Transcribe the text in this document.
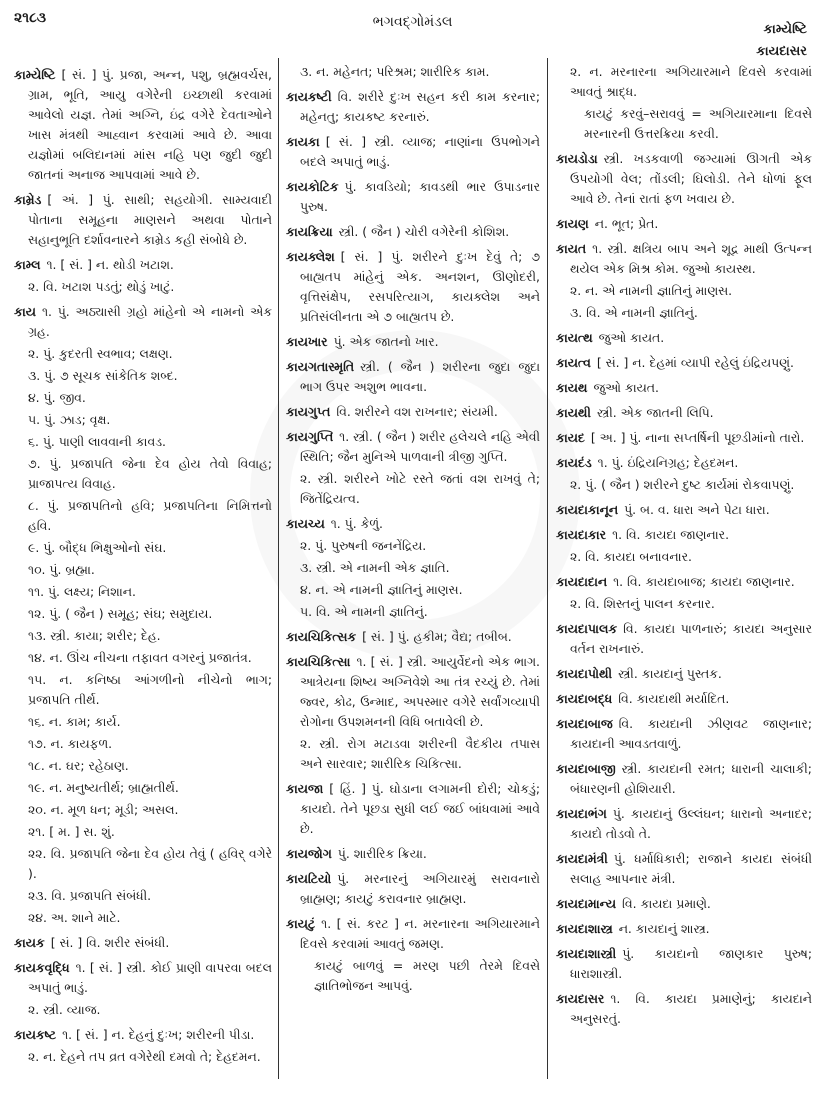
૨૧૮૩	ભગવદ્ગોમંડલ	કામ્યેષ્ટિ
કાયદાસર
કામ્યેષ્ટિ [ સં. ] પું. પ્રજા, અન્ન, પશુ, બ્રહ્મવર્ચસ, ગ્રામ, ભૂતિ, આયુ વગેરેની ઇચ્છાથી કરવામાં આવેલો યજ્ઞ. તેમાં અગ્નિ, ઇંદ્ર વગેરે દેવતાઓને ખાસ મંત્રથી આહ્વાન કરવામાં આવે છે. આવા યજ્ઞોમાં બલિદાનમાં માંસ નહિ પણ જુદી જુદી જાતનાં અનાજ આપવામાં આવે છે.
કામ્રેડ [ અં. ] પું. સાથી; સહયોગી. સામ્યવાદી પોતાના સમૂહના માણસને અથવા પોતાને સહાનુભૂતિ દર્શાવનારને કામ્રેડ કહી સંબોધે છે.
કામ્લ ૧. [ સં. ] ન. થોડી ખટાશ.
૨. વિ. ખટાશ પડતું; થોડું ખાટું.
કાય ૧. પું. અઠ્યાસી ગ્રહો માંહેનો એ નામનો એક ગ્રહ.
૨. પું. કુદરતી સ્વભાવ; લક્ષણ.
૩. પું. ૭ સૂચક સાંકેતિક શબ્દ.
૪. પું. જીવ.
૫. પું. ઝાડ; વૃક્ષ.
૬. પું. પાણી લાવવાની કાવડ.
૭. પું. પ્રજાપતિ જેના દેવ હોય તેવો વિવાહ; પ્રાજાપત્ય વિવાહ.
૮. પું. પ્રજાપતિનો હવિ; પ્રજાપતિના નિમિત્તનો હવિ.
૯. પું. બૌદ્ધ ભિક્ષુઓનો સંઘ.
૧૦. પું. બ્રહ્મા.
૧૧. પું. લક્ષ્ય; નિશાન.
૧૨. પું. ( જૈન ) સમૂહ; સંઘ; સમુદાય.
૧૩. સ્ત્રી. કાયા; શરીર; દેહ.
૧૪. ન. ઊંચ નીચના તફાવત વગરનું પ્રજાતંત્ર.
૧૫. ન. કનિષ્ઠા આંગળીનો નીચેનો ભાગ; પ્રજાપતિ તીર્થ.
૧૬. ન. કામ; કાર્ય.
૧૭. ન. કાયફળ.
૧૮. ન. ઘર; રહેઠાણ.
૧૯. ન. મનુષ્યતીર્થ; બ્રાહ્મતીર્થ.
૨૦. ન. મૂળ ધન; મૂડી; અસલ.
૨૧. [ મ. ] સ. શું.
૨૨. વિ. પ્રજાપતિ જેના દેવ હોય તેવું ( હવિર્ વગેરે ).
૨૩. વિ. પ્રજાપતિ સંબંધી.
૨૪. અ. શાને માટે.
કાયક [ સં. ] વિ. શરીર સંબંધી.
કાયકવૃદ્ધિ ૧. [ સં. ] સ્ત્રી. કોઈ પ્રાણી વાપરવા બદલ અપાતું ભાડું.
૨. સ્ત્રી. વ્યાજ.
કાયકષ્ટ ૧. [ સં. ] ન. દેહનું દુઃખ; શરીરની પીડા.
૨. ન. દેહને તપ વ્રત વગેરેથી દમવો તે; દેહદમન.
૩. ન. મહેનત; પરિશ્રમ; શારીરિક કામ.
કાયકષ્ટી વિ. શરીરે દુઃખ સહન કરી કામ કરનાર; મહેનતુ; કાયકષ્ટ કરનારું.
કાયકા [ સં. ] સ્ત્રી. વ્યાજ; નાણાંના ઉપભોગને બદલે અપાતું ભાડું.
કાયકોટિક પું. કાવડિયો; કાવડથી ભાર ઉપાડનાર પુરુષ.
કાયક્રિયા સ્ત્રી. ( જૈન ) ચોરી વગેરેની કોશિશ.
કાયક્લેશ [ સં. ] પું. શરીરને દુઃખ દેવું તે; ૭ બાહ્યતપ માંહેનું એક. અનશન, ઊણોદરી, વૃત્તિસંક્ષેપ, રસપરિત્યાગ, કાયક્લેશ અને પ્રતિસંલીનતા એ ૭ બાહ્યતપ છે.
કાયખાર પું. એક જાતનો ખાર.
કાયગતાસ્મૃતિ સ્ત્રી. ( જૈન ) શરીરના જુદા જુદા ભાગ ઉપર અશુભ ભાવના.
કાયગુપ્ત વિ. શરીરને વશ રાખનાર; સંયમી.
કાયગુપ્તિ ૧. સ્ત્રી. ( જૈન ) શરીર હલેચલે નહિ એવી સ્થિતિ; જૈન મુનિએ પાળવાની ત્રીજી ગુપ્તિ.
૨. સ્ત્રી. શરીરને ખોટે રસ્તે જતાં વશ રાખવું તે; જિતેંદ્રિયત્વ.
કાયચ્ય ૧. પું. કેળું.
૨. પું. પુરુષની જનનેંદ્રિય.
૩. સ્ત્રી. એ નામની એક જ્ઞાતિ.
૪. ન. એ નામની જ્ઞાતિનું માણસ.
૫. વિ. એ નામની જ્ઞાતિનું.
કાયચિકિત્સક [ સં. ] પું. હકીમ; વૈદ્ય; તબીબ.
કાયચિકિત્સા ૧. [ સં. ] સ્ત્રી. આયુર્વેદનો એક ભાગ. આત્રેયના શિષ્ય અગ્નિવેશે આ તંત્ર રચ્યું છે. તેમાં જ્વર, કોઢ, ઉન્માદ, અપસ્માર વગેરે સર્વાંગવ્યાપી રોગોના ઉપશમનની વિધિ બતાવેલી છે.
૨. સ્ત્રી. રોગ મટાડવા શરીરની વૈદકીય તપાસ અને સારવાર; શારીરિક ચિકિત્સા.
કાયજા [ હિં. ] પું. ઘોડાના લગામની દોરી; ચોકડું; કાયદો. તેને પૂછડા સુધી લઈ જઈ બાંધવામાં આવે છે.
કાયજોગ પું. શારીરિક ક્રિયા.
કાયટિયો પું. મરનારનું અગિયારમું સરાવનારો બ્રાહ્મણ; કાયટું કરાવનાર બ્રાહ્મણ.
કાયટું ૧. [ સં. કરટ ] ન. મરનારના અગિયારમાને દિવસે કરવામાં આવતું જમણ.
કાયટું બાળવું = મરણ પછી તેરમે દિવસે જ્ઞાતિભોજન આપવું.
૨. ન. મરનારના અગિયારમાને દિવસે કરવામાં આવતું શ્રાદ્ધ.
કાયટું કરવું–સરાવવું = અગિયારમાના દિવસે મરનારની ઉત્તરક્રિયા કરવી.
કાયડોડા સ્ત્રી. ખડકવાળી જગ્યામાં ઊગતી એક ઉપયોગી વેલ; તોંડલી; ઘિલોડી. તેને ધોળાં ફૂલ આવે છે. તેનાં રાતાં ફળ ખવાય છે.
કાયણ ન. ભૂત; પ્રેત.
કાયત ૧. સ્ત્રી. ક્ષત્રિય બાપ અને શૂદ્ર માથી ઉત્પન્ન થયેલ એક મિશ્ર કોમ. જુઓ કાયસ્થ.
૨. ન. એ નામની જ્ઞાતિનું માણસ.
૩. વિ. એ નામની જ્ઞાતિનું.
કાયત્થ જુઓ કાયત.
કાયત્વ [ સં. ] ન. દેહમાં વ્યાપી રહેલું ઇંદ્રિયપણું.
કાયથ જુઓ કાયત.
કાયથી સ્ત્રી. એક જાતની લિપિ.
કાયદ [ અ. ] પું. નાના સપ્તર્ષિની પૂછડીમાંનો તારો.
કાયદંડ ૧. પું. ઇંદ્રિયનિગ્રહ; દેહદમન.
૨. પું. ( જૈન ) શરીરને દુષ્ટ કાર્યમાં રોકવાપણું.
કાયદાકાનૂન પું. બ. વ. ધારા અને પેટા ધારા.
કાયદાકાર ૧. વિ. કાયદા જાણનાર.
૨. વિ. કાયદા બનાવનાર.
કાયદાદાન ૧. વિ. કાયદાબાજ; કાયદા જાણનાર.
૨. વિ. શિસ્તનું પાલન કરનાર.
કાયદાપાલક વિ. કાયદા પાળનારું; કાયદા અનુસાર વર્તન રાખનારું.
કાયદાપોથી સ્ત્રી. કાયદાનું પુસ્તક.
કાયદાબદ્ધ વિ. કાયદાથી મર્યાદિત.
કાયદાબાજ વિ. કાયદાની ઝીણવટ જાણનાર; કાયદાની આવડતવાળું.
કાયદાબાજી સ્ત્રી. કાયદાની રમત; ધારાની ચાલાકી; બંધારણની હોશિયારી.
કાયદાભંગ પું. કાયદાનું ઉલ્લંઘન; ધારાનો અનાદર; કાયદો તોડવો તે.
કાયદામંત્રી પું. ધર્માધિકારી; રાજાને કાયદા સંબંધી સલાહ આપનાર મંત્રી.
કાયદામાન્ય વિ. કાયદા પ્રમાણે.
કાયદાશાસ્ત્ર ન. કાયદાનું શાસ્ત્ર.
કાયદાશાસ્ત્રી પું. કાયદાનો જાણકાર પુરુષ; ધારાશાસ્ત્રી.
કાયદાસર ૧. વિ. કાયદા પ્રમાણેનું; કાયદાને અનુસરતું.
